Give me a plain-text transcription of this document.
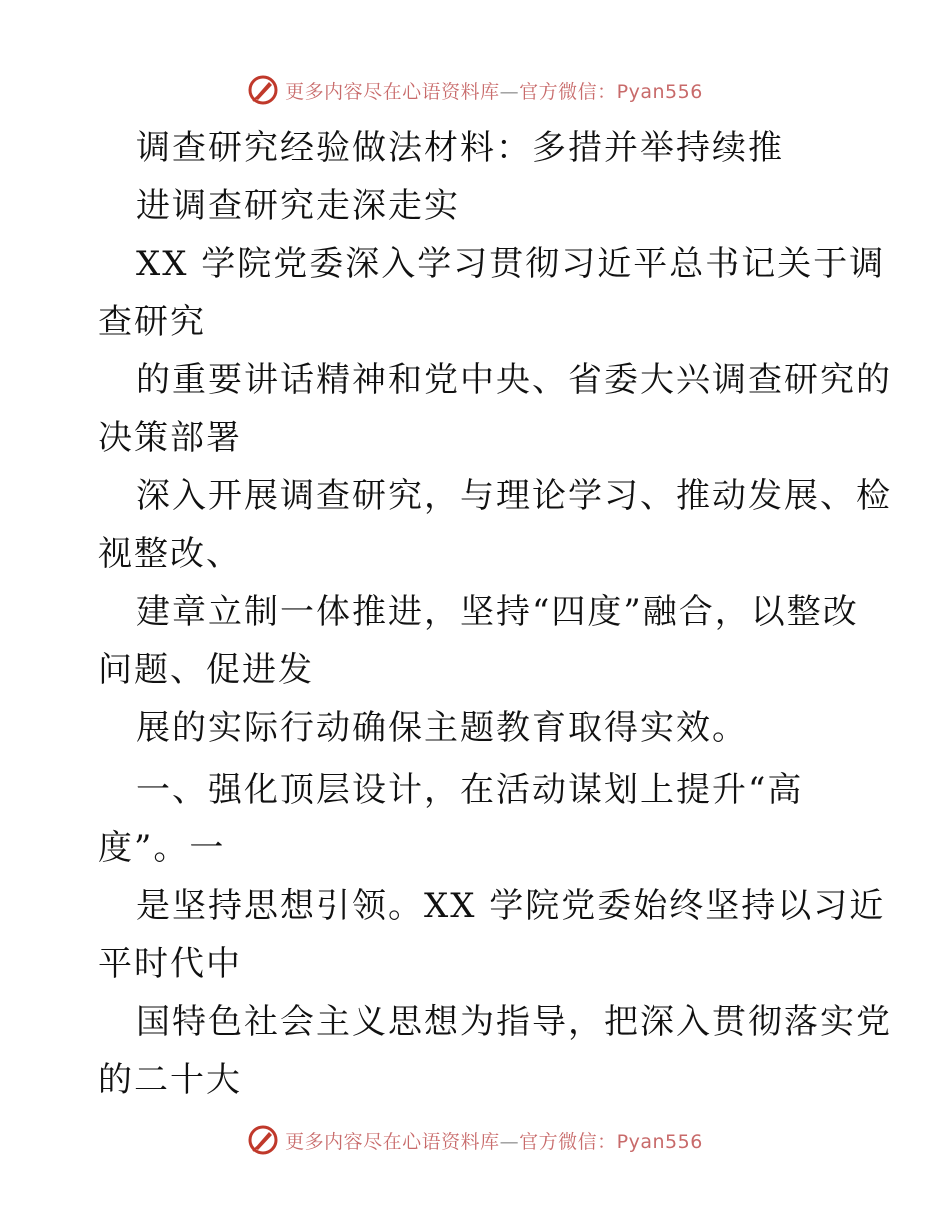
更多内容尽在心语资料库—官方微信：Pyan556
调查研究经验做法材料：多措并举持续推
进调查研究走深走实
XX 学院党委深入学习贯彻习近平总书记关于调
查研究
的重要讲话精神和党中央、省委大兴调查研究的
决策部署
深入开展调查研究，与理论学习、推动发展、检
视整改、
建章立制一体推进，坚持“四度”融合，以整改
问题、促进发
展的实际行动确保主题教育取得实效。
一、强化顶层设计，在活动谋划上提升“高
度”。一
是坚持思想引领。XX 学院党委始终坚持以习近
平时代中
国特色社会主义思想为指导，把深入贯彻落实党
的二十大
更多内容尽在心语资料库—官方微信：Pyan556
